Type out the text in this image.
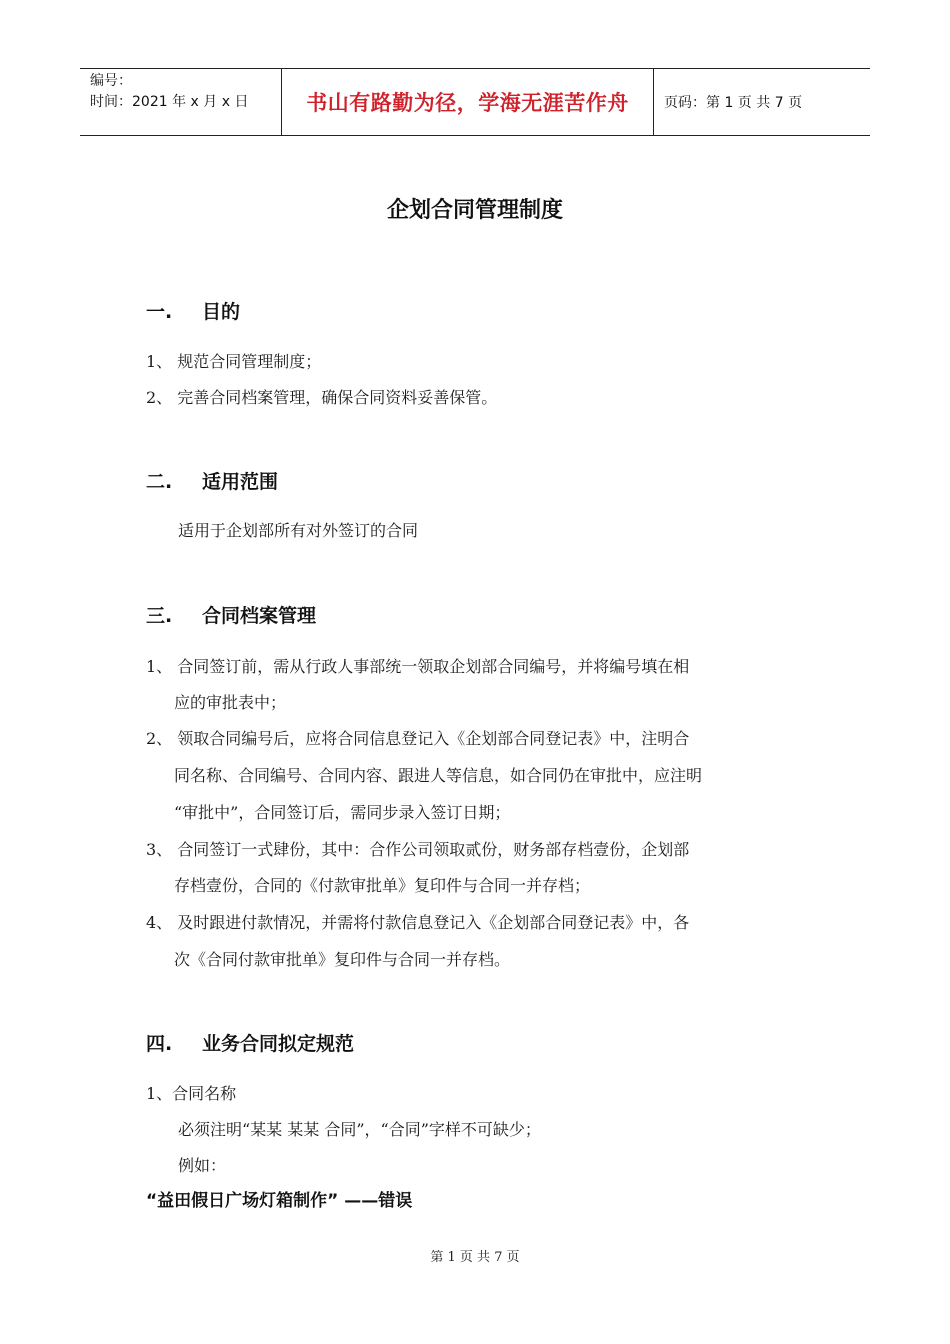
编号：
时间：2021 年 x 月 x 日	书山有路勤为径，学海无涯苦作舟	页码：第 1 页 共 7 页
企划合同管理制度
一. 目的
1、 规范合同管理制度；
2、 完善合同档案管理，确保合同资料妥善保管。
二. 适用范围
适用于企划部所有对外签订的合同
三. 合同档案管理
1、 合同签订前，需从行政人事部统一领取企划部合同编号，并将编号填在相
应的审批表中；
2、 领取合同编号后，应将合同信息登记入《企划部合同登记表》中，注明合
同名称、合同编号、合同内容、跟进人等信息，如合同仍在审批中，应注明
“审批中”，合同签订后，需同步录入签订日期；
3、 合同签订一式肆份，其中：合作公司领取贰份，财务部存档壹份，企划部
存档壹份，合同的《付款审批单》复印件与合同一并存档；
4、 及时跟进付款情况，并需将付款信息登记入《企划部合同登记表》中，各
次《合同付款审批单》复印件与合同一并存档。
四. 业务合同拟定规范
1、合同名称
必须注明“某某 某某 合同”，“合同”字样不可缺少；
例如：
“益田假日广场灯箱制作” ——错误
第 1 页 共 7 页
